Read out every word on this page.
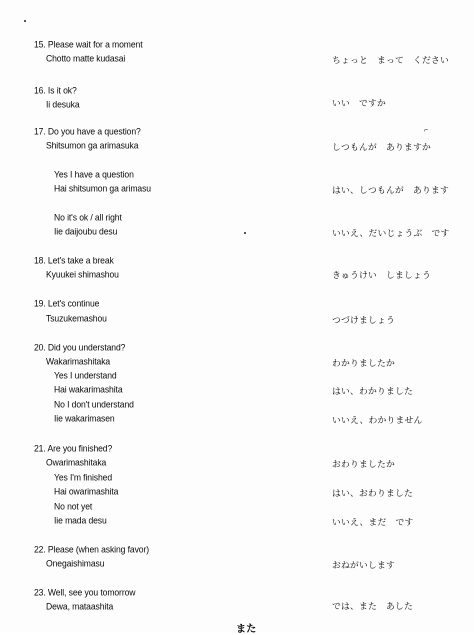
⌐
15. Please wait for a moment
Chotto matte kudasai	ちょっと　まって　ください
16. Is it ok?
Ii desuka	いい　ですか
17. Do you have a question?
Shitsumon ga arimasuka	しつもんが　ありますか
Yes I have a question
Hai shitsumon ga arimasu	はい、しつもんが　あります
No it's ok / all right
Iie daijoubu desu	いいえ、だいじょうぶ　です
18. Let's take a break
Kyuukei shimashou	きゅうけい　しましょう
19. Let's continue
Tsuzukemashou	つづけましょう
20. Did you understand?
Wakarimashitaka	わかりましたか
Yes I understand
Hai wakarimashita	はい、わかりました
No I don't understand
Iie wakarimasen	いいえ、わかりません
21. Are you finished?
Owarimashitaka	おわりましたか
Yes I'm finished
Hai owarimashita	はい、おわりました
No not yet
Iie mada desu	いいえ、まだ　です
22. Please (when asking favor)
Onegaishimasu	おねがいします
23. Well, see you tomorrow
Dewa, mataashita	では、また　あした
また
